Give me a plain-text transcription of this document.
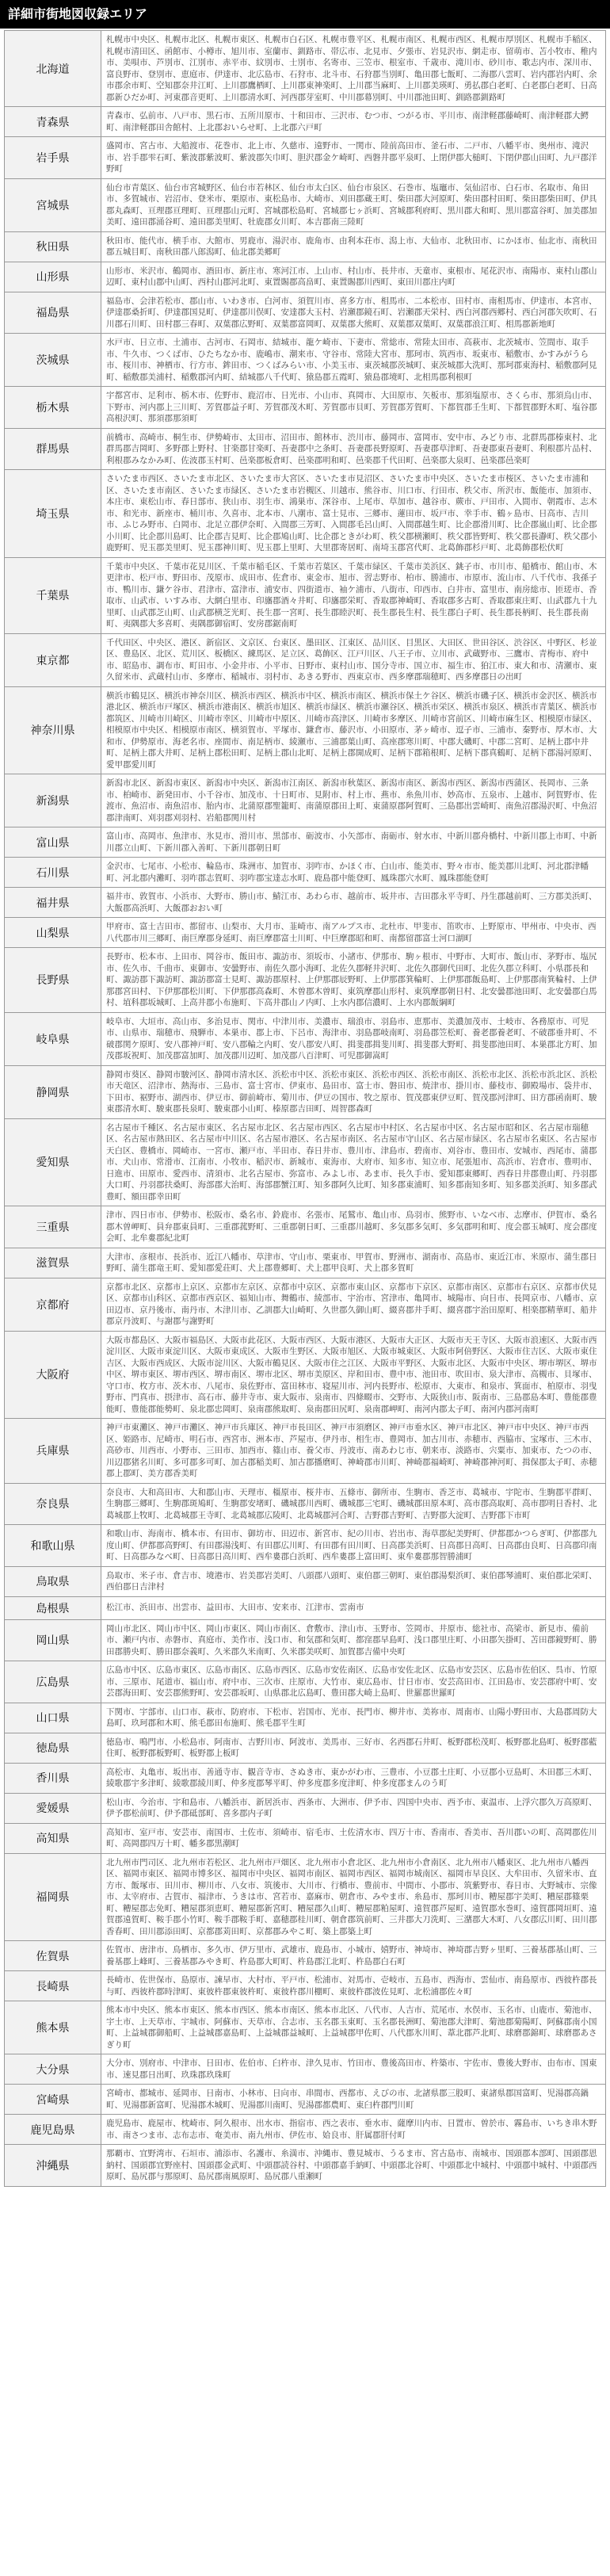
詳細市街地図収録エリア
北海道	札幌市中央区、札幌市北区、札幌市東区、札幌市白石区、札幌市豊平区、札幌市南区、札幌市西区、札幌市厚別区、札幌市手稲区、札幌市清田区、函館市、小樽市、旭川市、室蘭市、釧路市、帯広市、北見市、夕張市、岩見沢市、網走市、留萌市、苫小牧市、稚内市、美唄市、芦別市、江別市、赤平市、紋別市、士別市、名寄市、三笠市、根室市、千歳市、滝川市、砂川市、歌志内市、深川市、富良野市、登別市、恵庭市、伊達市、北広島市、石狩市、北斗市、石狩郡当別町、亀田郡七飯町、二海郡八雲町、岩内郡岩内町、余市郡余市町、空知郡奈井江町、上川郡鷹栖町、上川郡東神楽町、上川郡当麻町、上川郡美瑛町、勇払郡白老町、白老郡白老町、日高郡新ひだか町、河東郡音更町、上川郡清水町、河西郡芽室町、中川郡幕別町、中川郡池田町、釧路郡釧路町
青森県	青森市、弘前市、八戸市、黒石市、五所川原市、十和田市、三沢市、むつ市、つがる市、平川市、南津軽郡藤崎町、南津軽郡大鰐町、南津軽郡田舎館村、上北郡おいらせ町、上北郡六戸町
岩手県	盛岡市、宮古市、大船渡市、花巻市、北上市、久慈市、遠野市、一関市、陸前高田市、釜石市、二戸市、八幡平市、奥州市、滝沢市、岩手郡雫石町、紫波郡紫波町、紫波郡矢巾町、胆沢郡金ケ崎町、西磐井郡平泉町、上閉伊郡大槌町、下閉伊郡山田町、九戸郡洋野町
宮城県	仙台市青葉区、仙台市宮城野区、仙台市若林区、仙台市太白区、仙台市泉区、石巻市、塩竈市、気仙沼市、白石市、名取市、角田市、多賀城市、岩沼市、登米市、栗原市、東松島市、大崎市、刈田郡蔵王町、柴田郡大河原町、柴田郡村田町、柴田郡柴田町、伊具郡丸森町、亘理郡亘理町、亘理郡山元町、宮城郡松島町、宮城郡七ヶ浜町、宮城郡利府町、黒川郡大和町、黒川郡富谷町、加美郡加美町、遠田郡涌谷町、遠田郡美里町、牡鹿郡女川町、本吉郡南三陸町
秋田県	秋田市、能代市、横手市、大館市、男鹿市、湯沢市、鹿角市、由利本荘市、潟上市、大仙市、北秋田市、にかほ市、仙北市、南秋田郡五城目町、南秋田郡八郎潟町、仙北郡美郷町
山形県	山形市、米沢市、鶴岡市、酒田市、新庄市、寒河江市、上山市、村山市、長井市、天童市、東根市、尾花沢市、南陽市、東村山郡山辺町、東村山郡中山町、西村山郡河北町、東置賜郡高畠町、東置賜郡川西町、東田川郡庄内町
福島県	福島市、会津若松市、郡山市、いわき市、白河市、須賀川市、喜多方市、相馬市、二本松市、田村市、南相馬市、伊達市、本宮市、伊達郡桑折町、伊達郡国見町、伊達郡川俣町、安達郡大玉村、岩瀬郡鏡石町、岩瀬郡天栄村、西白河郡西郷村、西白河郡矢吹町、石川郡石川町、田村郡三春町、双葉郡広野町、双葉郡富岡町、双葉郡大熊町、双葉郡双葉町、双葉郡浪江町、相馬郡新地町
茨城県	水戸市、日立市、土浦市、古河市、石岡市、結城市、龍ケ崎市、下妻市、常総市、常陸太田市、高萩市、北茨城市、笠間市、取手市、牛久市、つくば市、ひたちなか市、鹿嶋市、潮来市、守谷市、常陸大宮市、那珂市、筑西市、坂東市、稲敷市、かすみがうら市、桜川市、神栖市、行方市、鉾田市、つくばみらい市、小美玉市、東茨城郡茨城町、東茨城郡大洗町、那珂郡東海村、稲敷郡阿見町、稲敷郡美浦村、稲敷郡河内町、結城郡八千代町、猿島郡五霞町、猿島郡境町、北相馬郡利根町
栃木県	宇都宮市、足利市、栃木市、佐野市、鹿沼市、日光市、小山市、真岡市、大田原市、矢板市、那須塩原市、さくら市、那須烏山市、下野市、河内郡上三川町、芳賀郡益子町、芳賀郡茂木町、芳賀郡市貝町、芳賀郡芳賀町、下都賀郡壬生町、下都賀郡野木町、塩谷郡高根沢町、那須郡那須町
群馬県	前橋市、高崎市、桐生市、伊勢崎市、太田市、沼田市、館林市、渋川市、藤岡市、富岡市、安中市、みどり市、北群馬郡榛東村、北群馬郡吉岡町、多野郡上野村、甘楽郡甘楽町、吾妻郡中之条町、吾妻郡長野原町、吾妻郡草津町、吾妻郡東吾妻町、利根郡片品村、利根郡みなかみ町、佐波郡玉村町、邑楽郡板倉町、邑楽郡明和町、邑楽郡千代田町、邑楽郡大泉町、邑楽郡邑楽町
埼玉県	さいたま市西区、さいたま市北区、さいたま市大宮区、さいたま市見沼区、さいたま市中央区、さいたま市桜区、さいたま市浦和区、さいたま市南区、さいたま市緑区、さいたま市岩槻区、川越市、熊谷市、川口市、行田市、秩父市、所沢市、飯能市、加須市、本庄市、東松山市、春日部市、狭山市、羽生市、鴻巣市、深谷市、上尾市、草加市、越谷市、蕨市、戸田市、入間市、朝霞市、志木市、和光市、新座市、桶川市、久喜市、北本市、八潮市、富士見市、三郷市、蓮田市、坂戸市、幸手市、鶴ヶ島市、日高市、吉川市、ふじみ野市、白岡市、北足立郡伊奈町、入間郡三芳町、入間郡毛呂山町、入間郡越生町、比企郡滑川町、比企郡嵐山町、比企郡小川町、比企郡川島町、比企郡吉見町、比企郡鳩山町、比企郡ときがわ町、秩父郡横瀬町、秩父郡皆野町、秩父郡長瀞町、秩父郡小鹿野町、児玉郡美里町、児玉郡神川町、児玉郡上里町、大里郡寄居町、南埼玉郡宮代町、北葛飾郡杉戸町、北葛飾郡松伏町
千葉県	千葉市中央区、千葉市花見川区、千葉市稲毛区、千葉市若葉区、千葉市緑区、千葉市美浜区、銚子市、市川市、船橋市、館山市、木更津市、松戸市、野田市、茂原市、成田市、佐倉市、東金市、旭市、習志野市、柏市、勝浦市、市原市、流山市、八千代市、我孫子市、鴨川市、鎌ケ谷市、君津市、富津市、浦安市、四街道市、袖ケ浦市、八街市、印西市、白井市、富里市、南房総市、匝瑳市、香取市、山武市、いすみ市、大網白里市、印旛郡酒々井町、印旛郡栄町、香取郡神崎町、香取郡多古町、香取郡東庄町、山武郡九十九里町、山武郡芝山町、山武郡横芝光町、長生郡一宮町、長生郡睦沢町、長生郡長生村、長生郡白子町、長生郡長柄町、長生郡長南町、夷隅郡大多喜町、夷隅郡御宿町、安房郡鋸南町
東京都	千代田区、中央区、港区、新宿区、文京区、台東区、墨田区、江東区、品川区、目黒区、大田区、世田谷区、渋谷区、中野区、杉並区、豊島区、北区、荒川区、板橋区、練馬区、足立区、葛飾区、江戸川区、八王子市、立川市、武蔵野市、三鷹市、青梅市、府中市、昭島市、調布市、町田市、小金井市、小平市、日野市、東村山市、国分寺市、国立市、福生市、狛江市、東大和市、清瀬市、東久留米市、武蔵村山市、多摩市、稲城市、羽村市、あきる野市、西東京市、西多摩郡瑞穂町、西多摩郡日の出町
神奈川県	横浜市鶴見区、横浜市神奈川区、横浜市西区、横浜市中区、横浜市南区、横浜市保土ケ谷区、横浜市磯子区、横浜市金沢区、横浜市港北区、横浜市戸塚区、横浜市港南区、横浜市旭区、横浜市緑区、横浜市瀬谷区、横浜市栄区、横浜市泉区、横浜市青葉区、横浜市都筑区、川崎市川崎区、川崎市幸区、川崎市中原区、川崎市高津区、川崎市多摩区、川崎市宮前区、川崎市麻生区、相模原市緑区、相模原市中央区、相模原市南区、横須賀市、平塚市、鎌倉市、藤沢市、小田原市、茅ヶ崎市、逗子市、三浦市、秦野市、厚木市、大和市、伊勢原市、海老名市、座間市、南足柄市、綾瀬市、三浦郡葉山町、高座郡寒川町、中郡大磯町、中郡二宮町、足柄上郡中井町、足柄上郡大井町、足柄上郡松田町、足柄上郡山北町、足柄上郡開成町、足柄下郡箱根町、足柄下郡真鶴町、足柄下郡湯河原町、愛甲郡愛川町
新潟県	新潟市北区、新潟市東区、新潟市中央区、新潟市江南区、新潟市秋葉区、新潟市南区、新潟市西区、新潟市西蒲区、長岡市、三条市、柏崎市、新発田市、小千谷市、加茂市、十日町市、見附市、村上市、燕市、糸魚川市、妙高市、五泉市、上越市、阿賀野市、佐渡市、魚沼市、南魚沼市、胎内市、北蒲原郡聖籠町、南蒲原郡田上町、東蒲原郡阿賀町、三島郡出雲崎町、南魚沼郡湯沢町、中魚沼郡津南町、刈羽郡刈羽村、岩船郡関川村
富山県	富山市、高岡市、魚津市、氷見市、滑川市、黒部市、砺波市、小矢部市、南砺市、射水市、中新川郡舟橋村、中新川郡上市町、中新川郡立山町、下新川郡入善町、下新川郡朝日町
石川県	金沢市、七尾市、小松市、輪島市、珠洲市、加賀市、羽咋市、かほく市、白山市、能美市、野々市市、能美郡川北町、河北郡津幡町、河北郡内灘町、羽咋郡志賀町、羽咋郡宝達志水町、鹿島郡中能登町、鳳珠郡穴水町、鳳珠郡能登町
福井県	福井市、敦賀市、小浜市、大野市、勝山市、鯖江市、あわら市、越前市、坂井市、吉田郡永平寺町、丹生郡越前町、三方郡美浜町、大飯郡高浜町、大飯郡おおい町
山梨県	甲府市、富士吉田市、都留市、山梨市、大月市、韮崎市、南アルプス市、北杜市、甲斐市、笛吹市、上野原市、甲州市、中央市、西八代郡市川三郷町、南巨摩郡身延町、南巨摩郡富士川町、中巨摩郡昭和町、南都留郡富士河口湖町
長野県	長野市、松本市、上田市、岡谷市、飯田市、諏訪市、須坂市、小諸市、伊那市、駒ヶ根市、中野市、大町市、飯山市、茅野市、塩尻市、佐久市、千曲市、東御市、安曇野市、南佐久郡小海町、北佐久郡軽井沢町、北佐久郡御代田町、北佐久郡立科町、小県郡長和町、諏訪郡下諏訪町、諏訪郡富士見町、諏訪郡原村、上伊那郡辰野町、上伊那郡箕輪町、上伊那郡飯島町、上伊那郡南箕輪村、上伊那郡宮田村、下伊那郡松川町、下伊那郡高森町、木曽郡木曽町、東筑摩郡山形村、東筑摩郡朝日村、北安曇郡池田町、北安曇郡白馬村、埴科郡坂城町、上高井郡小布施町、下高井郡山ノ内町、上水内郡信濃町、上水内郡飯綱町
岐阜県	岐阜市、大垣市、高山市、多治見市、関市、中津川市、美濃市、瑞浪市、羽島市、恵那市、美濃加茂市、土岐市、各務原市、可児市、山県市、瑞穂市、飛騨市、本巣市、郡上市、下呂市、海津市、羽島郡岐南町、羽島郡笠松町、養老郡養老町、不破郡垂井町、不破郡関ケ原町、安八郡神戸町、安八郡輪之内町、安八郡安八町、揖斐郡揖斐川町、揖斐郡大野町、揖斐郡池田町、本巣郡北方町、加茂郡坂祝町、加茂郡富加町、加茂郡川辺町、加茂郡八百津町、可児郡御嵩町
静岡県	静岡市葵区、静岡市駿河区、静岡市清水区、浜松市中区、浜松市東区、浜松市西区、浜松市南区、浜松市北区、浜松市浜北区、浜松市天竜区、沼津市、熱海市、三島市、富士宮市、伊東市、島田市、富士市、磐田市、焼津市、掛川市、藤枝市、御殿場市、袋井市、下田市、裾野市、湖西市、伊豆市、御前崎市、菊川市、伊豆の国市、牧之原市、賀茂郡東伊豆町、賀茂郡河津町、田方郡函南町、駿東郡清水町、駿東郡長泉町、駿東郡小山町、榛原郡吉田町、周智郡森町
愛知県	名古屋市千種区、名古屋市東区、名古屋市北区、名古屋市西区、名古屋市中村区、名古屋市中区、名古屋市昭和区、名古屋市瑞穂区、名古屋市熱田区、名古屋市中川区、名古屋市港区、名古屋市南区、名古屋市守山区、名古屋市緑区、名古屋市名東区、名古屋市天白区、豊橋市、岡崎市、一宮市、瀬戸市、半田市、春日井市、豊川市、津島市、碧南市、刈谷市、豊田市、安城市、西尾市、蒲郡市、犬山市、常滑市、江南市、小牧市、稲沢市、新城市、東海市、大府市、知多市、知立市、尾張旭市、高浜市、岩倉市、豊明市、日進市、田原市、愛西市、清須市、北名古屋市、弥富市、みよし市、あま市、長久手市、愛知郡東郷町、西春日井郡豊山町、丹羽郡大口町、丹羽郡扶桑町、海部郡大治町、海部郡蟹江町、知多郡阿久比町、知多郡東浦町、知多郡南知多町、知多郡美浜町、知多郡武豊町、額田郡幸田町
三重県	津市、四日市市、伊勢市、松阪市、桑名市、鈴鹿市、名張市、尾鷲市、亀山市、鳥羽市、熊野市、いなべ市、志摩市、伊賀市、桑名郡木曽岬町、員弁郡東員町、三重郡菰野町、三重郡朝日町、三重郡川越町、多気郡多気町、多気郡明和町、度会郡玉城町、度会郡度会町、北牟婁郡紀北町
滋賀県	大津市、彦根市、長浜市、近江八幡市、草津市、守山市、栗東市、甲賀市、野洲市、湖南市、高島市、東近江市、米原市、蒲生郡日野町、蒲生郡竜王町、愛知郡愛荘町、犬上郡豊郷町、犬上郡甲良町、犬上郡多賀町
京都府	京都市北区、京都市上京区、京都市左京区、京都市中京区、京都市東山区、京都市下京区、京都市南区、京都市右京区、京都市伏見区、京都市山科区、京都市西京区、福知山市、舞鶴市、綾部市、宇治市、宮津市、亀岡市、城陽市、向日市、長岡京市、八幡市、京田辺市、京丹後市、南丹市、木津川市、乙訓郡大山崎町、久世郡久御山町、綴喜郡井手町、綴喜郡宇治田原町、相楽郡精華町、船井郡京丹波町、与謝郡与謝野町
大阪府	大阪市都島区、大阪市福島区、大阪市此花区、大阪市西区、大阪市港区、大阪市大正区、大阪市天王寺区、大阪市浪速区、大阪市西淀川区、大阪市東淀川区、大阪市東成区、大阪市生野区、大阪市旭区、大阪市城東区、大阪市阿倍野区、大阪市住吉区、大阪市東住吉区、大阪市西成区、大阪市淀川区、大阪市鶴見区、大阪市住之江区、大阪市平野区、大阪市北区、大阪市中央区、堺市堺区、堺市中区、堺市東区、堺市西区、堺市南区、堺市北区、堺市美原区、岸和田市、豊中市、池田市、吹田市、泉大津市、高槻市、貝塚市、守口市、枚方市、茨木市、八尾市、泉佐野市、富田林市、寝屋川市、河内長野市、松原市、大東市、和泉市、箕面市、柏原市、羽曳野市、門真市、摂津市、高石市、藤井寺市、東大阪市、泉南市、四條畷市、交野市、大阪狭山市、阪南市、三島郡島本町、豊能郡豊能町、豊能郡能勢町、泉北郡忠岡町、泉南郡熊取町、泉南郡田尻町、泉南郡岬町、南河内郡太子町、南河内郡河南町
兵庫県	神戸市東灘区、神戸市灘区、神戸市兵庫区、神戸市長田区、神戸市須磨区、神戸市垂水区、神戸市北区、神戸市中央区、神戸市西区、姫路市、尼崎市、明石市、西宮市、洲本市、芦屋市、伊丹市、相生市、豊岡市、加古川市、赤穂市、西脇市、宝塚市、三木市、高砂市、川西市、小野市、三田市、加西市、篠山市、養父市、丹波市、南あわじ市、朝来市、淡路市、宍粟市、加東市、たつの市、川辺郡猪名川町、多可郡多可町、加古郡稲美町、加古郡播磨町、神崎郡市川町、神崎郡福崎町、神崎郡神河町、揖保郡太子町、赤穂郡上郡町、美方郡香美町
奈良県	奈良市、大和高田市、大和郡山市、天理市、橿原市、桜井市、五條市、御所市、生駒市、香芝市、葛城市、宇陀市、生駒郡平群町、生駒郡三郷町、生駒郡斑鳩町、生駒郡安堵町、磯城郡川西町、磯城郡三宅町、磯城郡田原本町、高市郡高取町、高市郡明日香村、北葛城郡上牧町、北葛城郡王寺町、北葛城郡広陵町、北葛城郡河合町、吉野郡吉野町、吉野郡大淀町、吉野郡下市町
和歌山県	和歌山市、海南市、橋本市、有田市、御坊市、田辺市、新宮市、紀の川市、岩出市、海草郡紀美野町、伊都郡かつらぎ町、伊都郡九度山町、伊都郡高野町、有田郡湯浅町、有田郡広川町、有田郡有田川町、日高郡美浜町、日高郡日高町、日高郡由良町、日高郡印南町、日高郡みなべ町、日高郡日高川町、西牟婁郡白浜町、西牟婁郡上富田町、東牟婁郡那智勝浦町
鳥取県	鳥取市、米子市、倉吉市、境港市、岩美郡岩美町、八頭郡八頭町、東伯郡三朝町、東伯郡湯梨浜町、東伯郡琴浦町、東伯郡北栄町、西伯郡日吉津村
島根県	松江市、浜田市、出雲市、益田市、大田市、安来市、江津市、雲南市
岡山県	岡山市北区、岡山市中区、岡山市東区、岡山市南区、倉敷市、津山市、玉野市、笠岡市、井原市、総社市、高梁市、新見市、備前市、瀬戸内市、赤磐市、真庭市、美作市、浅口市、和気郡和気町、都窪郡早島町、浅口郡里庄町、小田郡矢掛町、苫田郡鏡野町、勝田郡勝央町、勝田郡奈義町、久米郡久米南町、久米郡美咲町、加賀郡吉備中央町
広島県	広島市中区、広島市東区、広島市南区、広島市西区、広島市安佐南区、広島市安佐北区、広島市安芸区、広島市佐伯区、呉市、竹原市、三原市、尾道市、福山市、府中市、三次市、庄原市、大竹市、東広島市、廿日市市、安芸高田市、江田島市、安芸郡府中町、安芸郡海田町、安芸郡熊野町、安芸郡坂町、山県郡北広島町、豊田郡大崎上島町、世羅郡世羅町
山口県	下関市、宇部市、山口市、萩市、防府市、下松市、岩国市、光市、長門市、柳井市、美祢市、周南市、山陽小野田市、大島郡周防大島町、玖珂郡和木町、熊毛郡田布施町、熊毛郡平生町
徳島県	徳島市、鳴門市、小松島市、阿南市、吉野川市、阿波市、美馬市、三好市、名西郡石井町、板野郡松茂町、板野郡北島町、板野郡藍住町、板野郡板野町、板野郡上板町
香川県	高松市、丸亀市、坂出市、善通寺市、観音寺市、さぬき市、東かがわ市、三豊市、小豆郡土庄町、小豆郡小豆島町、木田郡三木町、綾歌郡宇多津町、綾歌郡綾川町、仲多度郡琴平町、仲多度郡多度津町、仲多度郡まんのう町
愛媛県	松山市、今治市、宇和島市、八幡浜市、新居浜市、西条市、大洲市、伊予市、四国中央市、西予市、東温市、上浮穴郡久万高原町、伊予郡松前町、伊予郡砥部町、喜多郡内子町
高知県	高知市、室戸市、安芸市、南国市、土佐市、須崎市、宿毛市、土佐清水市、四万十市、香南市、香美市、吾川郡いの町、高岡郡佐川町、高岡郡四万十町、幡多郡黒潮町
福岡県	北九州市門司区、北九州市若松区、北九州市戸畑区、北九州市小倉北区、北九州市小倉南区、北九州市八幡東区、北九州市八幡西区、福岡市東区、福岡市博多区、福岡市中央区、福岡市南区、福岡市西区、福岡市城南区、福岡市早良区、大牟田市、久留米市、直方市、飯塚市、田川市、柳川市、八女市、筑後市、大川市、行橋市、豊前市、中間市、小郡市、筑紫野市、春日市、大野城市、宗像市、太宰府市、古賀市、福津市、うきは市、宮若市、嘉麻市、朝倉市、みやま市、糸島市、那珂川市、糟屋郡宇美町、糟屋郡篠栗町、糟屋郡志免町、糟屋郡須恵町、糟屋郡新宮町、糟屋郡久山町、糟屋郡粕屋町、遠賀郡芦屋町、遠賀郡水巻町、遠賀郡岡垣町、遠賀郡遠賀町、鞍手郡小竹町、鞍手郡鞍手町、嘉穂郡桂川町、朝倉郡筑前町、三井郡大刀洗町、三潴郡大木町、八女郡広川町、田川郡香春町、田川郡添田町、京都郡苅田町、京都郡みやこ町、築上郡築上町
佐賀県	佐賀市、唐津市、鳥栖市、多久市、伊万里市、武雄市、鹿島市、小城市、嬉野市、神埼市、神埼郡吉野ヶ里町、三養基郡基山町、三養基郡上峰町、三養基郡みやき町、杵島郡大町町、杵島郡江北町、杵島郡白石町
長崎県	長崎市、佐世保市、島原市、諫早市、大村市、平戸市、松浦市、対馬市、壱岐市、五島市、西海市、雲仙市、南島原市、西彼杵郡長与町、西彼杵郡時津町、東彼杵郡東彼杵町、東彼杵郡川棚町、東彼杵郡波佐見町、北松浦郡佐々町
熊本県	熊本市中央区、熊本市東区、熊本市西区、熊本市南区、熊本市北区、八代市、人吉市、荒尾市、水俣市、玉名市、山鹿市、菊池市、宇土市、上天草市、宇城市、阿蘇市、天草市、合志市、玉名郡玉東町、玉名郡長洲町、菊池郡大津町、菊池郡菊陽町、阿蘇郡南小国町、上益城郡御船町、上益城郡嘉島町、上益城郡益城町、上益城郡甲佐町、八代郡氷川町、葦北郡芦北町、球磨郡錦町、球磨郡あさぎり町
大分県	大分市、別府市、中津市、日田市、佐伯市、臼杵市、津久見市、竹田市、豊後高田市、杵築市、宇佐市、豊後大野市、由布市、国東市、速見郡日出町、玖珠郡玖珠町
宮崎県	宮崎市、都城市、延岡市、日南市、小林市、日向市、串間市、西都市、えびの市、北諸県郡三股町、東諸県郡国富町、児湯郡高鍋町、児湯郡新富町、児湯郡木城町、児湯郡川南町、児湯郡都農町、東臼杵郡門川町
鹿児島県	鹿児島市、鹿屋市、枕崎市、阿久根市、出水市、指宿市、西之表市、垂水市、薩摩川内市、日置市、曽於市、霧島市、いちき串木野市、南さつま市、志布志市、奄美市、南九州市、伊佐市、姶良市、肝属郡肝付町
沖縄県	那覇市、宜野湾市、石垣市、浦添市、名護市、糸満市、沖縄市、豊見城市、うるま市、宮古島市、南城市、国頭郡本部町、国頭郡恩納村、国頭郡宜野座村、国頭郡金武町、中頭郡読谷村、中頭郡嘉手納町、中頭郡北谷町、中頭郡北中城村、中頭郡中城村、中頭郡西原町、島尻郡与那原町、島尻郡南風原町、島尻郡八重瀬町
